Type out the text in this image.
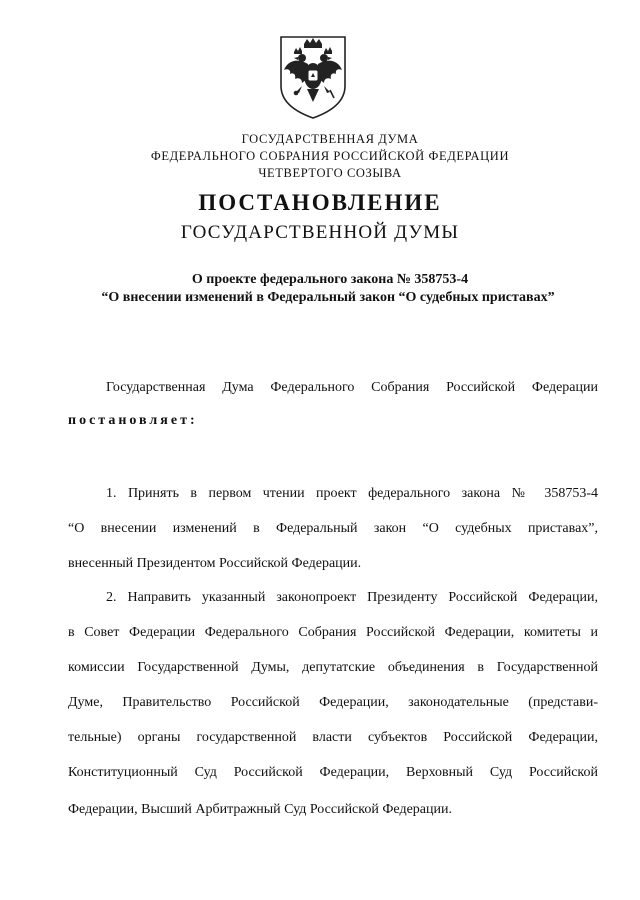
ГОСУДАРСТВЕННАЯ ДУМА
ФЕДЕРАЛЬНОГО СОБРАНИЯ РОССИЙСКОЙ ФЕДЕРАЦИИ
ЧЕТВЕРТОГО СОЗЫВА
ПОСТАНОВЛЕНИЕ
ГОСУДАРСТВЕННОЙ ДУМЫ
О проекте федерального закона № 358753-4
“О внесении изменений в Федеральный закон “О судебных приставах”
Государственная Дума Федерального Собрания Российской Федерации
постановляет:
1. Принять в первом чтении проект федерального закона № 358753-4
“О внесении изменений в Федеральный закон “О судебных приставах”,
внесенный Президентом Российской Федерации.
2. Направить указанный законопроект Президенту Российской Федерации,
в Совет Федерации Федерального Собрания Российской Федерации, комитеты и
комиссии Государственной Думы, депутатские объединения в Государственной
Думе, Правительство Российской Федерации, законодательные (представи-
тельные) органы государственной власти субъектов Российской Федерации,
Конституционный Суд Российской Федерации, Верховный Суд Российской
Федерации, Высший Арбитражный Суд Российской Федерации.
